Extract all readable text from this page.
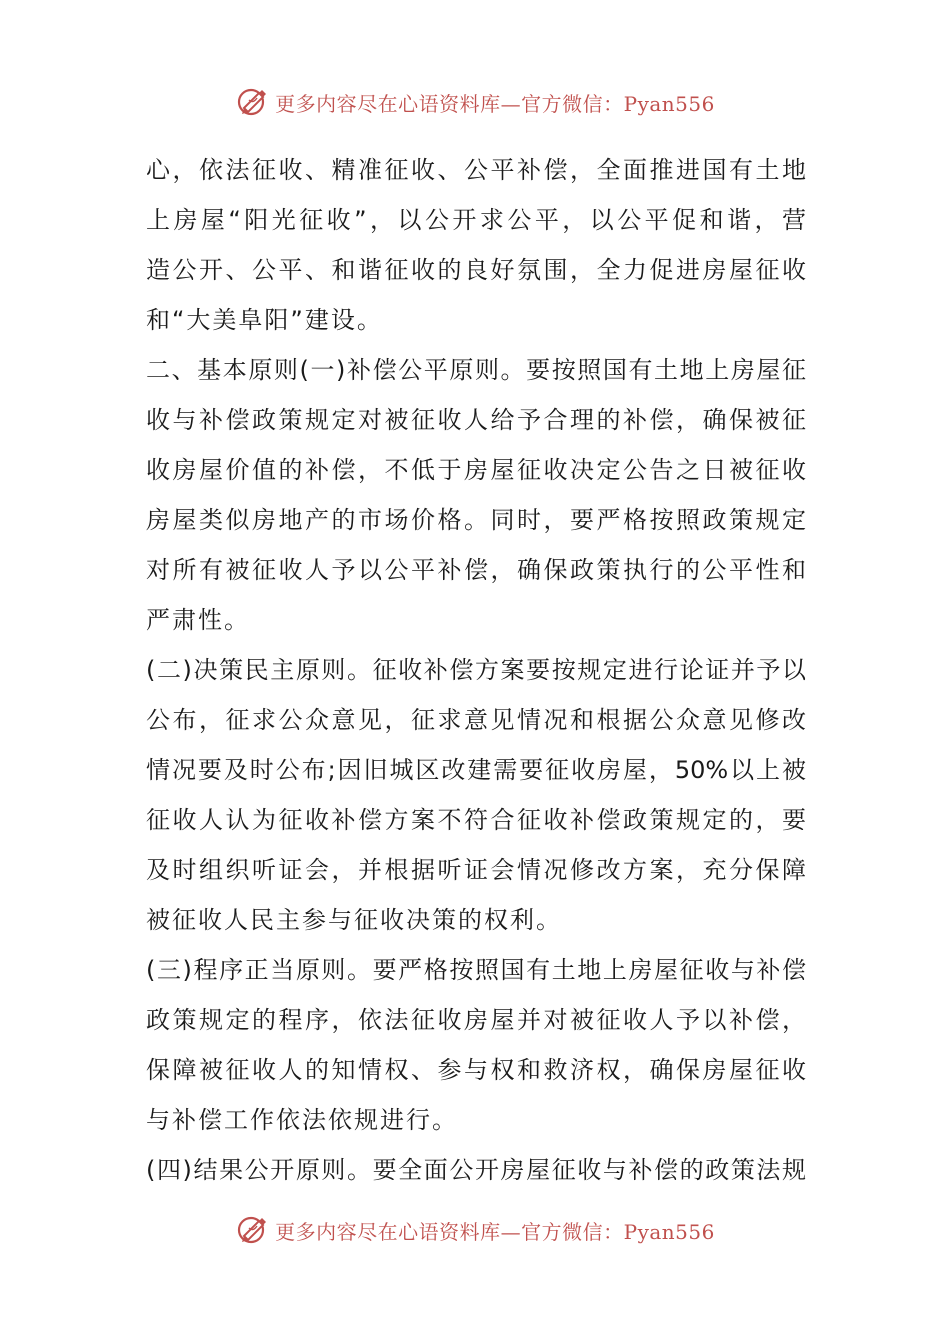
更多内容尽在心语资料库—官方微信：Pyan556
心，依法征收、精准征收、公平补偿，全面推进国有土地
上房屋“阳光征收”，以公开求公平，以公平促和谐，营
造公开、公平、和谐征收的良好氛围，全力促进房屋征收
和“大美阜阳”建设。
二、基本原则(一)补偿公平原则。要按照国有土地上房屋征
收与补偿政策规定对被征收人给予合理的补偿，确保被征
收房屋价值的补偿，不低于房屋征收决定公告之日被征收
房屋类似房地产的市场价格。同时，要严格按照政策规定
对所有被征收人予以公平补偿，确保政策执行的公平性和
严肃性。
(二)决策民主原则。征收补偿方案要按规定进行论证并予以
公布，征求公众意见，征求意见情况和根据公众意见修改
情况要及时公布;因旧城区改建需要征收房屋，50%以上被
征收人认为征收补偿方案不符合征收补偿政策规定的，要
及时组织听证会，并根据听证会情况修改方案，充分保障
被征收人民主参与征收决策的权利。
(三)程序正当原则。要严格按照国有土地上房屋征收与补偿
政策规定的程序，依法征收房屋并对被征收人予以补偿，
保障被征收人的知情权、参与权和救济权，确保房屋征收
与补偿工作依法依规进行。
(四)结果公开原则。要全面公开房屋征收与补偿的政策法规
更多内容尽在心语资料库—官方微信：Pyan556
